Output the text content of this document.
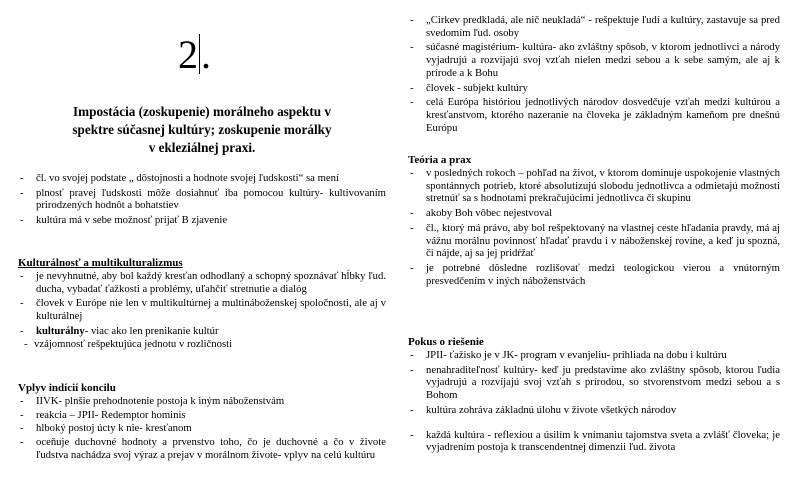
2.
Impostácia (zoskupenie) morálneho aspektu v
spektre súčasnej kultúry; zoskupenie morálky
v ekleziálnej praxi.
- čl. vo svojej podstate „ dôstojnosti a hodnote svojej ľudskosti“ sa mení
- plnosť pravej ľudskosti môže dosiahnuť iba pomocou kultúry- kultivovaním prirodzených hodnôt a bohatstiev
- kultúra má v sebe možnosť prijať B zjavenie
Kulturálnosť a multikulturalizmus
- je nevyhnutné, aby bol každý kresťan odhodlaný a schopný spoznávať hĺbky ľud. ducha, vybadať ťažkosti a problémy, uľahčiť stretnutie a dialóg
- človek v Európe nie len v multikultúrnej a multináboženskej spoločnosti, ale aj v kulturálnej
- kulturálny- viac ako len prenikanie kultúr
- vzájomnosť rešpektujúca jednotu v rozličnosti
Vplyv indícií koncilu
- IIVK- plnšie prehodnotenie postoja k iným náboženstvám
- reakcia – JPII- Redemptor hominis
- hlboký postoj úcty k nie- kresťanom
- oceňuje duchovné hodnoty a prvenstvo toho, čo je duchovné a čo v živote ľudstva nachádza svoj výraz a prejav v morálnom živote- vplyv na celú kultúru
- „Cirkev predkladá, ale nič neukladá“ - rešpektuje ľudí a kultúry, zastavuje sa pred svedomím ľud. osoby
- súčasné magistérium- kultúra- ako zvláštny spôsob, v ktorom jednotlivci a národy vyjadrujú a rozvíjajú svoj vzťah nielen medzi sebou a k sebe samým, ale aj k prírode a k Bohu
- človek - subjekt kultúry
- celá Európa históriou jednotlivých národov dosvedčuje vzťah medzi kultúrou a kresťanstvom, ktorého nazeranie na človeka je základným kameňom pre dnešnú Európu
Teória a prax
- v posledných rokoch – pohľad na život, v ktorom dominuje uspokojenie vlastných spontánnych potrieb, ktoré absolutizujú slobodu jednotlivca a odmietajú možnosti stretnúť sa s hodnotami prekračujúcimi jednotlivca či skupinu
- akoby Boh vôbec nejestvoval
- čl., ktorý má právo, aby bol rešpektovaný na vlastnej ceste hľadania pravdy, má aj vážnu morálnu povinnosť hľadať pravdu i v náboženskej rovine, a keď ju spozná, či nájde, aj sa jej pridŕžať
- je potrebné dôsledne rozlišovať medzi teologickou vierou a vnútorným presvedčením v iných náboženstvách
Pokus o riešenie
- JPII- ťažisko je v JK- program v evanjeliu- prihliada na dobu i kultúru
- nenahraditeľnosť kultúry- keď ju predstavíme ako zvláštny spôsob, ktorou ľudia vyjadrujú a rozvíjajú svoj vzťah s prírodou, so stvorenstvom medzi sebou a s Bohom
- kultúra zohráva základnú úlohu v živote všetkých národov
- každá kultúra - reflexiou a úsilím k vnímaniu tajomstva sveta a zvlášť človeka; je vyjadrením postoja k transcendentnej dimenzii ľud. života
